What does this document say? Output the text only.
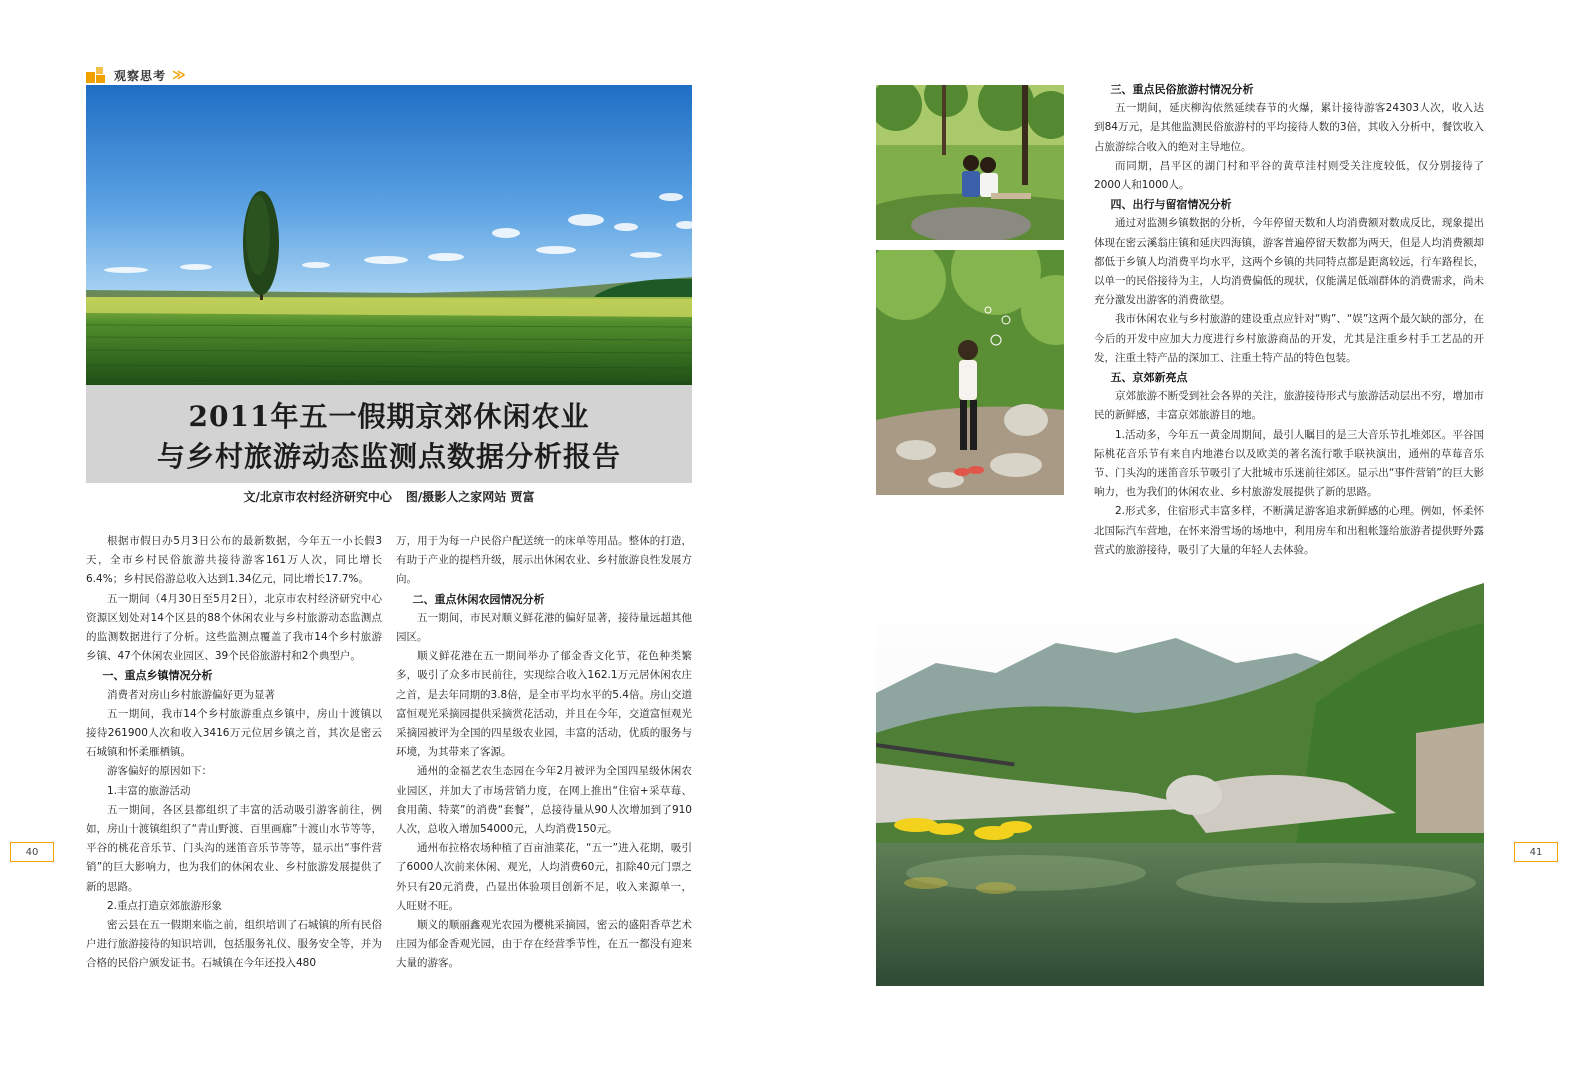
观察思考 ≫
2011年五一假期京郊休闲农业
与乡村旅游动态监测点数据分析报告
文/北京市农村经济研究中心 图/摄影人之家网站 贾富

根据市假日办5月3日公布的最新数据，今年五一小长假3天，全市乡村民俗旅游共接待游客161万人次，同比增长6.4%；乡村民俗游总收入达到1.34亿元，同比增长17.7%。

五一期间（4月30日至5月2日），北京市农村经济研究中心资源区划处对14个区县的88个休闲农业与乡村旅游动态监测点的监测数据进行了分析。这些监测点覆盖了我市14个乡村旅游乡镇、47个休闲农业园区、39个民俗旅游村和2个典型户。

一、重点乡镇情况分析

消费者对房山乡村旅游偏好更为显著

五一期间，我市14个乡村旅游重点乡镇中，房山十渡镇以接待261900人次和收入3416万元位居乡镇之首，其次是密云石城镇和怀柔雁栖镇。

游客偏好的原因如下：

1.丰富的旅游活动

五一期间，各区县都组织了丰富的活动吸引游客前往，例如，房山十渡镇组织了“青山野渡、百里画廊”十渡山水节等等，平谷的桃花音乐节、门头沟的迷笛音乐节等等，显示出“事件营销”的巨大影响力，也为我们的休闲农业、乡村旅游发展提供了新的思路。

2.重点打造京郊旅游形象

密云县在五一假期来临之前，组织培训了石城镇的所有民俗户进行旅游接待的知识培训，包括服务礼仪、服务安全等，并为合格的民俗户颁发证书。石城镇在今年还投入480

万，用于为每一户民俗户配送统一的床单等用品。整体的打造，有助于产业的提档升级，展示出休闲农业、乡村旅游良性发展方向。

二、重点休闲农园情况分析

五一期间，市民对顺义鲜花港的偏好显著，接待量远超其他园区。

顺义鲜花港在五一期间举办了郁金香文化节，花色种类繁多，吸引了众多市民前往，实现综合收入162.1万元居休闲农庄之首，是去年同期的3.8倍，是全市平均水平的5.4倍。房山交道富恒观光采摘园提供采摘赏花活动，并且在今年，交道富恒观光采摘园被评为全国的四星级农业园，丰富的活动，优质的服务与环境，为其带来了客源。

通州的金福艺农生态园在今年2月被评为全国四星级休闲农业园区，并加大了市场营销力度，在网上推出“住宿+采草莓、食用菌、特菜”的消费“套餐”，总接待量从90人次增加到了910人次，总收入增加54000元，人均消费150元。

通州布拉格农场种植了百亩油菜花，“五一”进入花期，吸引了6000人次前来休闲、观光，人均消费60元，扣除40元门票之外只有20元消费，凸显出体验项目创新不足，收入来源单一，人旺财不旺。

顺义的顺丽鑫观光农园为樱桃采摘园，密云的盛阳香草艺术庄园为郁金香观光园，由于存在经营季节性，在五一都没有迎来大量的游客。

40	41
三、重点民俗旅游村情况分析

五一期间，延庆柳沟依然延续春节的火爆，累计接待游客24303人次，收入达到84万元，是其他监测民俗旅游村的平均接待人数的3倍，其收入分析中，餐饮收入占旅游综合收入的绝对主导地位。

而同期，昌平区的湖门村和平谷的黄草洼村则受关注度较低，仅分别接待了2000人和1000人。

四、出行与留宿情况分析

通过对监测乡镇数据的分析，今年停留天数和人均消费额对数成反比，现象提出体现在密云溪翁庄镇和延庆四海镇，游客普遍停留天数都为两天，但是人均消费额却都低于乡镇人均消费平均水平，这两个乡镇的共同特点都是距离较远，行车路程长，以单一的民俗接待为主，人均消费偏低的现状，仅能满足低端群体的消费需求，尚未充分激发出游客的消费欲望。

我市休闲农业与乡村旅游的建设重点应针对“购”、“娱”这两个最欠缺的部分，在今后的开发中应加大力度进行乡村旅游商品的开发，尤其是注重乡村手工艺品的开发，注重土特产品的深加工、注重土特产品的特色包装。

五、京郊新亮点

京郊旅游不断受到社会各界的关注，旅游接待形式与旅游活动层出不穷，增加市民的新鲜感，丰富京郊旅游目的地。

1.活动多，今年五一黄金周期间，最引人瞩目的是三大音乐节扎堆郊区。平谷国际桃花音乐节有来自内地港台以及欧美的著名流行歌手联袂演出，通州的草莓音乐节、门头沟的迷笛音乐节吸引了大批城市乐迷前往郊区。显示出“事件营销”的巨大影响力，也为我们的休闲农业、乡村旅游发展提供了新的思路。

2.形式多，住宿形式丰富多样，不断满足游客追求新鲜感的心理。例如，怀柔怀北国际汽车营地，在怀来滑雪场的场地中，利用房车和出租帐篷给旅游者提供野外露营式的旅游接待，吸引了大量的年轻人去体验。
